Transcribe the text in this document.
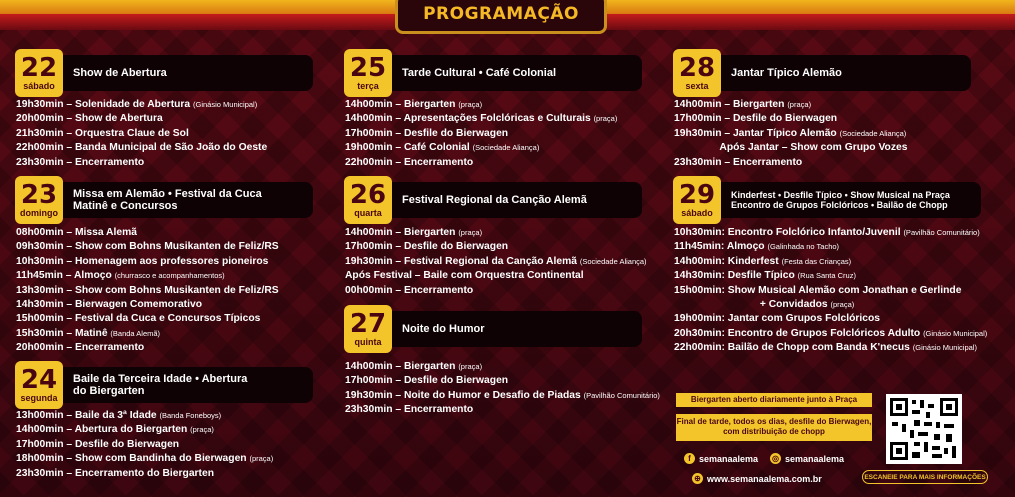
PROGRAMAÇÃO
22
sábado
Show de Abertura
19h30min – Solenidade de Abertura (Ginásio Municipal)
20h00min – Show de Abertura
21h30min – Orquestra Claue de Sol
22h00min – Banda Municipal de São João do Oeste
23h30min – Encerramento
23
domingo
Missa em Alemão • Festival da Cuca
Matinê e Concursos
08h00min – Missa Alemã
09h30min – Show com Bohns Musikanten de Feliz/RS
10h30min – Homenagem aos professores pioneiros
11h45min – Almoço (churrasco e acompanhamentos)
13h30min – Show com Bohns Musikanten de Feliz/RS
14h30min – Bierwagen Comemorativo
15h00min – Festival da Cuca e Concursos Típicos
15h30min – Matinê (Banda Alemã)
20h00min – Encerramento
24
segunda
Baile da Terceira Idade • Abertura
do Biergarten
13h00min – Baile da 3ª Idade (Banda Foneboys)
14h00min – Abertura do Biergarten (praça)
17h00min – Desfile do Bierwagen
18h00min – Show com Bandinha do Bierwagen (praça)
23h30min – Encerramento do Biergarten
25
terça
Tarde Cultural • Café Colonial
14h00min – Biergarten (praça)
14h00min – Apresentações Folclóricas e Culturais (praça)
17h00min – Desfile do Bierwagen
19h00min – Café Colonial (Sociedade Aliança)
22h00min – Encerramento
26
quarta
Festival Regional da Canção Alemã
14h00min – Biergarten (praça)
17h00min – Desfile do Bierwagen
19h30min – Festival Regional da Canção Alemã (Sociedade Aliança)
Após Festival – Baile com Orquestra Continental
00h00min – Encerramento
27
quinta
Noite do Humor
14h00min – Biergarten (praça)
17h00min – Desfile do Bierwagen
19h30min – Noite do Humor e Desafio de Piadas (Pavilhão Comunitário)
23h30min – Encerramento
28
sexta
Jantar Típico Alemão
14h00min – Biergarten (praça)
17h00min – Desfile do Bierwagen
19h30min – Jantar Típico Alemão (Sociedade Aliança)
Após Jantar – Show com Grupo Vozes
23h30min – Encerramento
29
sábado
Kinderfest • Desfile Típico • Show Musical na Praça
Encontro de Grupos Folclóricos • Bailão de Chopp
10h30min: Encontro Folclórico Infanto/Juvenil (Pavilhão Comunitário)
11h45min: Almoço (Galinhada no Tacho)
14h00min: Kinderfest (Festa das Crianças)
14h30min: Desfile Típico (Rua Santa Cruz)
15h00min: Show Musical Alemão com Jonathan e Gerlinde
+ Convidados (praça)
19h00min: Jantar com Grupos Folclóricos
20h30min: Encontro de Grupos Folclóricos Adulto (Ginásio Municipal)
22h00min: Bailão de Chopp com Banda K'necus (Ginásio Municipal)
Biergarten aberto diariamente junto à Praça
Final de tarde, todos os dias, desfile do Bierwagen,
com distribuição de chopp
f semanaalema ◎ semanaalema
⊕ www.semanaalema.com.br	ESCANEIE PARA MAIS INFORMAÇÕES
